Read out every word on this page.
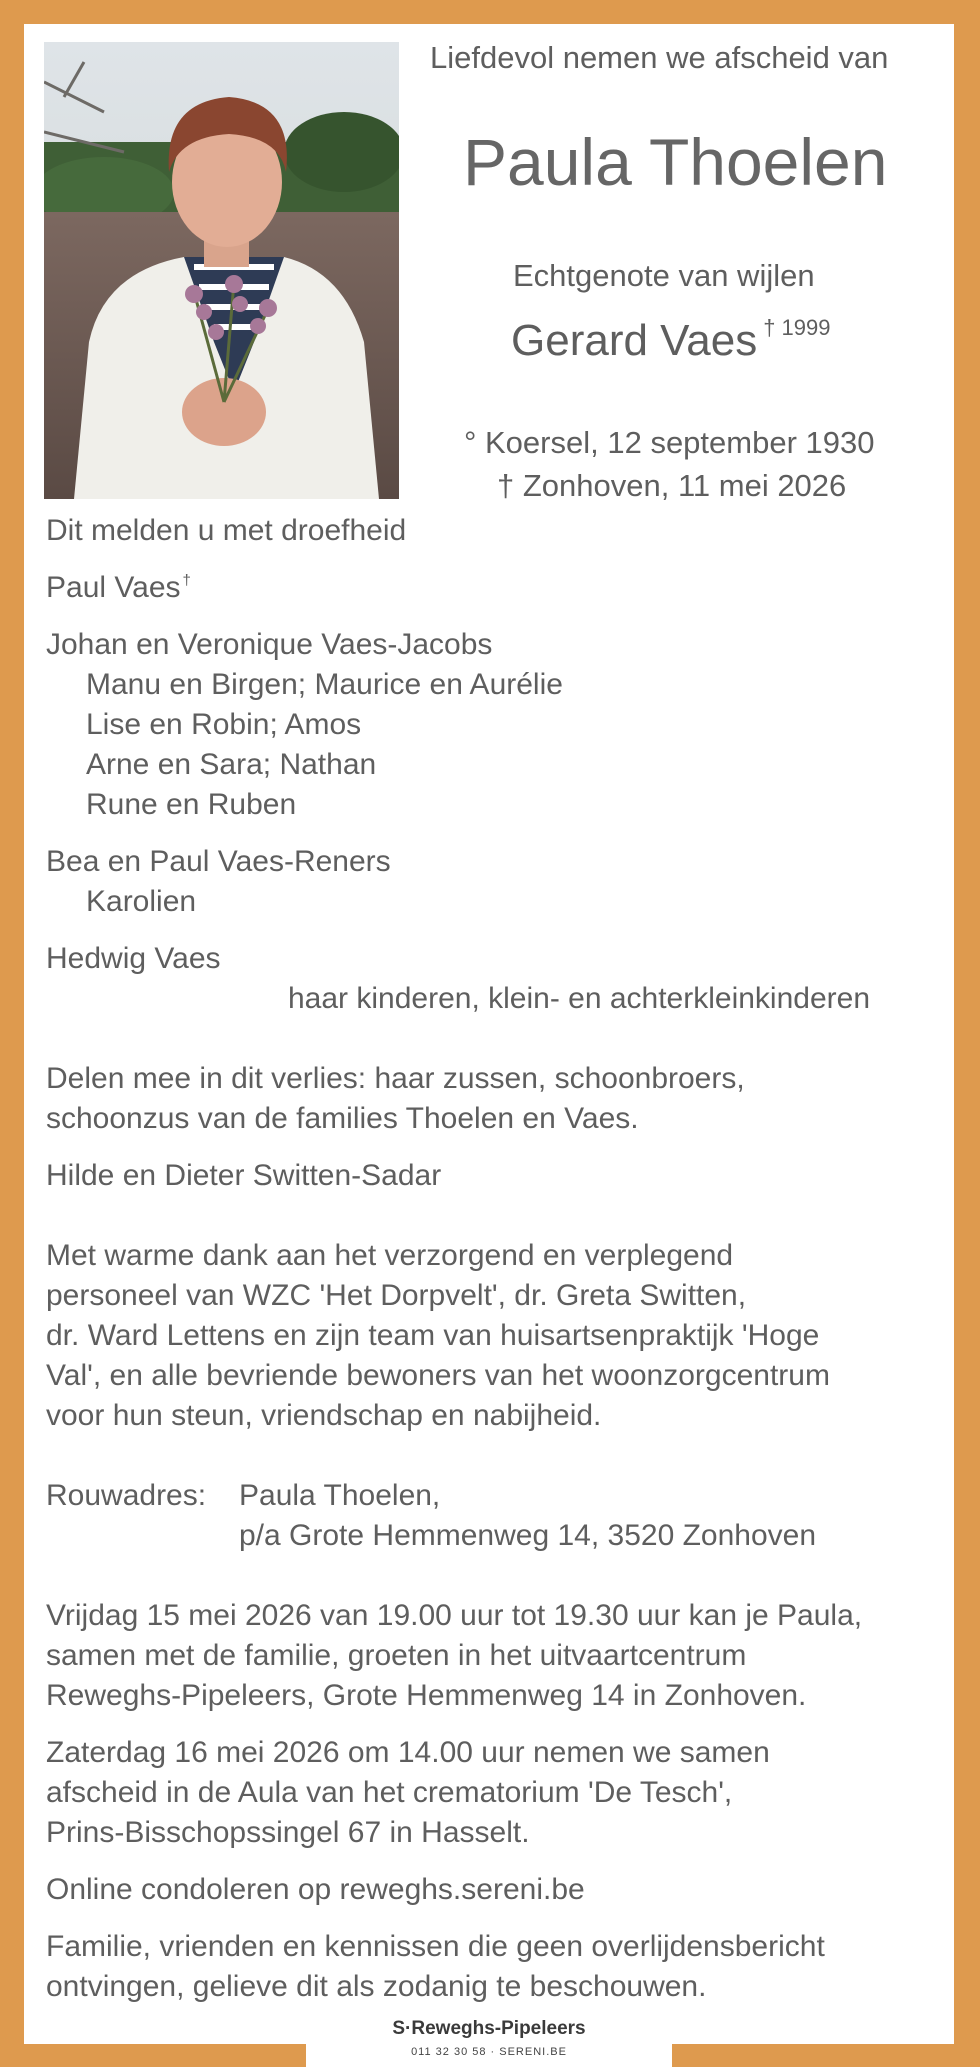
Liefdevol nemen we afscheid van
Paula Thoelen
Echtgenote van wijlen
Gerard Vaes $^{\dagger 1999}$
° Koersel, 12 september 1930
† Zonhoven, 11 mei 2026
Dit melden u met droefheid
Paul Vaes †
Johan en Veronique Vaes-Jacobs
Manu en Birgen; Maurice en Aurélie
Lise en Robin; Amos
Arne en Sara; Nathan
Rune en Ruben
Bea en Paul Vaes-Reners
Karolien
Hedwig Vaes
haar kinderen, klein- en achterkleinkinderen
Delen mee in dit verlies: haar zussen, schoonbroers,
schoonzus van de families Thoelen en Vaes.
Hilde en Dieter Switten-Sadar
Met warme dank aan het verzorgend en verplegend
personeel van WZC 'Het Dorpvelt', dr. Greta Switten,
dr. Ward Lettens en zijn team van huisartsenpraktijk 'Hoge
Val', en alle bevriende bewoners van het woonzorgcentrum
voor hun steun, vriendschap en nabijheid.
Rouwadres: Paula Thoelen,
p/a Grote Hemmenweg 14, 3520 Zonhoven
Vrijdag 15 mei 2026 van 19.00 uur tot 19.30 uur kan je Paula,
samen met de familie, groeten in het uitvaartcentrum
Reweghs-Pipeleers, Grote Hemmenweg 14 in Zonhoven.
Zaterdag 16 mei 2026 om 14.00 uur nemen we samen
afscheid in de Aula van het crematorium 'De Tesch',
Prins-Bisschopssingel 67 in Hasselt.
Online condoleren op reweghs.sereni.be
Familie, vrienden en kennissen die geen overlijdensbericht
ontvingen, gelieve dit als zodanig te beschouwen.
S·Reweghs-Pipeleers
011 32 30 58 · SERENI.BE
